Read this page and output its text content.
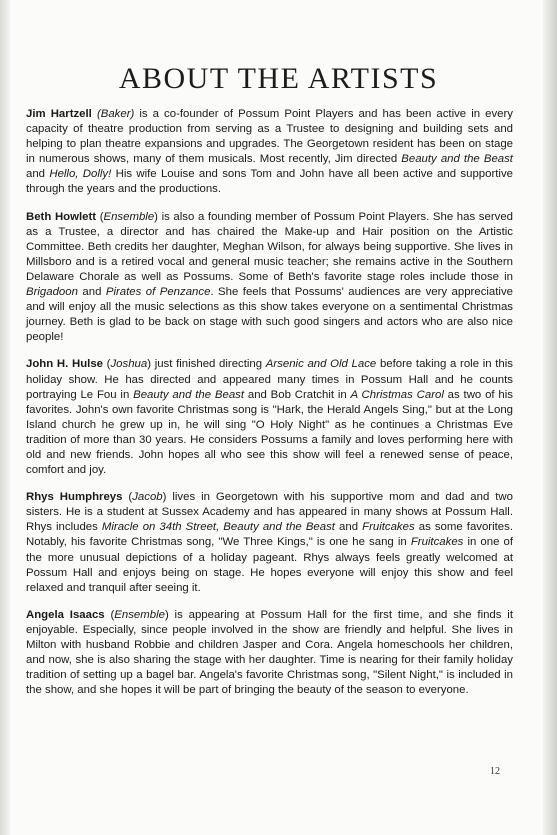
ABOUT THE ARTISTS

Jim Hartzell (Baker) is a co-founder of Possum Point Players and has been active in every capacity of theatre production from serving as a Trustee to designing and building sets and helping to plan theatre expansions and upgrades. The Georgetown resident has been on stage in numerous shows, many of them musicals. Most recently, Jim directed Beauty and the Beast and Hello, Dolly! His wife Louise and sons Tom and John have all been active and supportive through the years and the productions.

Beth Howlett (Ensemble) is also a founding member of Possum Point Players. She has served as a Trustee, a director and has chaired the Make-up and Hair position on the Artistic Committee. Beth credits her daughter, Meghan Wilson, for always being supportive. She lives in Millsboro and is a retired vocal and general music teacher; she remains active in the Southern Delaware Chorale as well as Possums. Some of Beth's favorite stage roles include those in Brigadoon and Pirates of Penzance. She feels that Possums' audiences are very appreciative and will enjoy all the music selections as this show takes everyone on a sentimental Christmas journey. Beth is glad to be back on stage with such good singers and actors who are also nice people!

John H. Hulse (Joshua) just finished directing Arsenic and Old Lace before taking a role in this holiday show. He has directed and appeared many times in Possum Hall and he counts portraying Le Fou in Beauty and the Beast and Bob Cratchit in A Christmas Carol as two of his favorites. John's own favorite Christmas song is "Hark, the Herald Angels Sing," but at the Long Island church he grew up in, he will sing "O Holy Night" as he continues a Christmas Eve tradition of more than 30 years. He considers Possums a family and loves performing here with old and new friends. John hopes all who see this show will feel a renewed sense of peace, comfort and joy.

Rhys Humphreys (Jacob) lives in Georgetown with his supportive mom and dad and two sisters. He is a student at Sussex Academy and has appeared in many shows at Possum Hall. Rhys includes Miracle on 34th Street, Beauty and the Beast and Fruitcakes as some favorites. Notably, his favorite Christmas song, "We Three Kings," is one he sang in Fruitcakes in one of the more unusual depictions of a holiday pageant. Rhys always feels greatly welcomed at Possum Hall and enjoys being on stage. He hopes everyone will enjoy this show and feel relaxed and tranquil after seeing it.

Angela Isaacs (Ensemble) is appearing at Possum Hall for the first time, and she finds it enjoyable. Especially, since people involved in the show are friendly and helpful. She lives in Milton with husband Robbie and children Jasper and Cora. Angela homeschools her children, and now, she is also sharing the stage with her daughter. Time is nearing for their family holiday tradition of setting up a bagel bar. Angela's favorite Christmas song, "Silent Night," is included in the show, and she hopes it will be part of bringing the beauty of the season to everyone.

12
